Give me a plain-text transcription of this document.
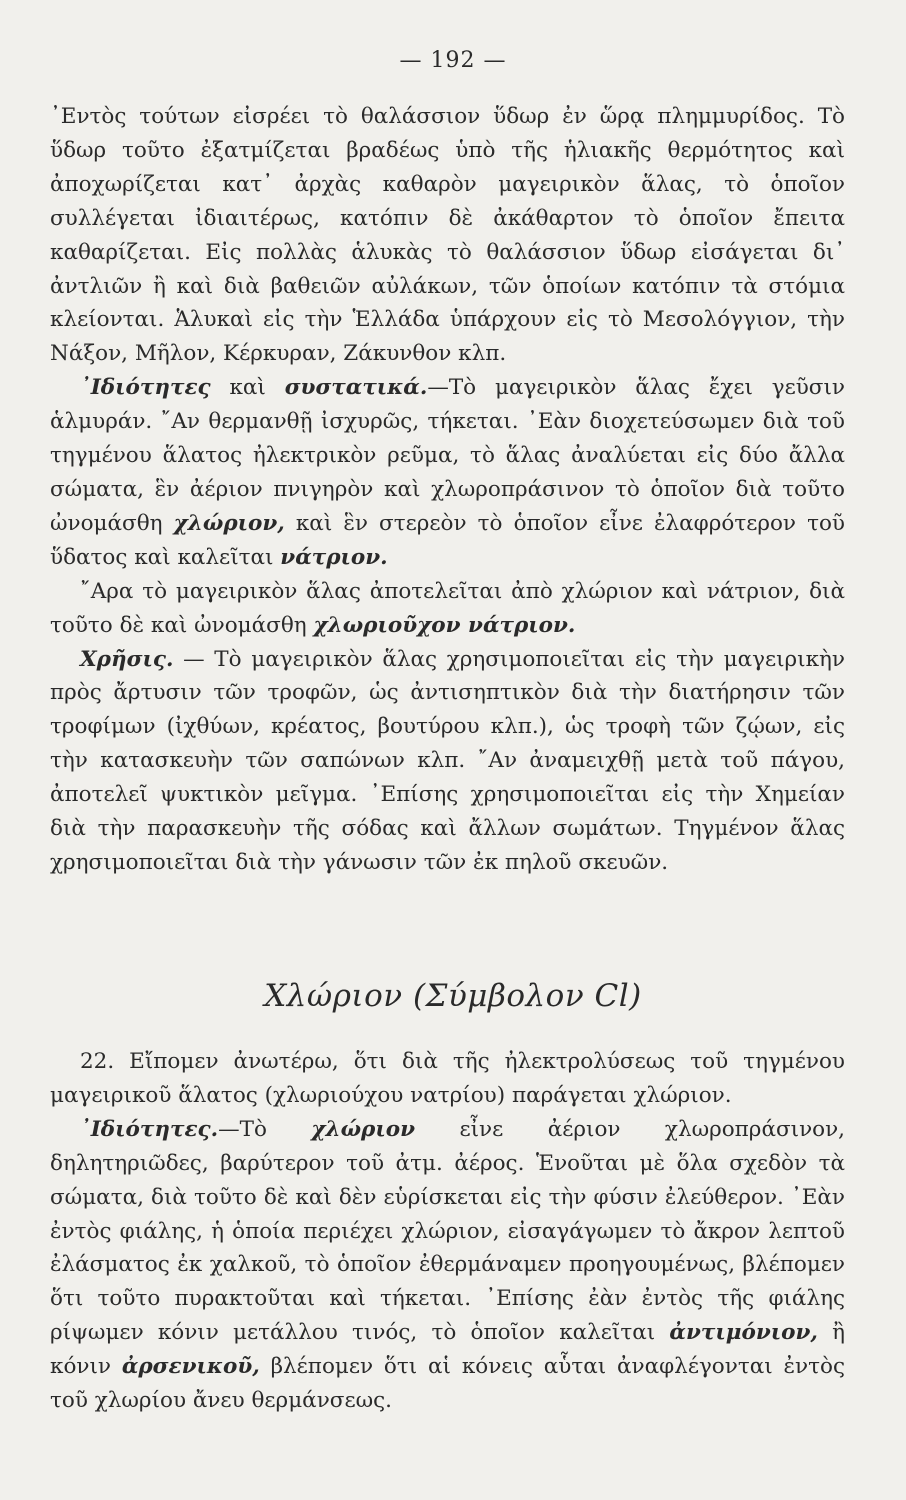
— 192 —

᾿Εντὸς τούτων εἰσρέει τὸ θαλάσσιον ὕδωρ ἐν ὥρᾳ πλημμυρίδος. Τὸ ὕδωρ τοῦτο ἐξατμίζεται βραδέως ὑπὸ τῆς ἡλιακῆς θερμότητος καὶ ἀποχωρίζεται κατ᾿ ἀρχὰς καθαρὸν μαγειρικὸν ἅλας, τὸ ὁποῖον συλλέγεται ἰδιαιτέρως, κατόπιν δὲ ἀκάθαρτον τὸ ὁποῖον ἔπειτα καθαρίζεται. Εἰς πολλὰς ἁλυκὰς τὸ θαλάσσιον ὕδωρ εἰσάγεται δι᾿ ἀντλιῶν ἢ καὶ διὰ βαθειῶν αὐλάκων, τῶν ὁποίων κατόπιν τὰ στόμια κλείονται. Ἁλυκαὶ εἰς τὴν Ἑλλάδα ὑπάρχουν εἰς τὸ Μεσολόγγιον, τὴν Νάξον, Μῆλον, Κέρκυραν, Ζάκυνθον κλπ.

᾿Ιδιότητες καὶ συστατικά.—Τὸ μαγειρικὸν ἅλας ἔχει γεῦσιν ἁλμυράν. ῎Αν θερμανθῇ ἰσχυρῶς, τήκεται. ᾿Εὰν διοχετεύσωμεν διὰ τοῦ τηγμένου ἅλατος ἠλεκτρικὸν ρεῦμα, τὸ ἅλας ἀναλύεται εἰς δύο ἄλλα σώματα, ἓν ἀέριον πνιγηρὸν καὶ χλωροπράσινον τὸ ὁποῖον διὰ τοῦτο ὠνομάσθη χλώριον, καὶ ἓν στερεὸν τὸ ὁποῖον εἶνε ἐλαφρότερον τοῦ ὕδατος καὶ καλεῖται νάτριον.

῎Αρα τὸ μαγειρικὸν ἅλας ἀποτελεῖται ἀπὸ χλώριον καὶ νάτριον, διὰ τοῦτο δὲ καὶ ὠνομάσθη χλωριοῦχον νάτριον.

Χρῆσις. — Τὸ μαγειρικὸν ἅλας χρησιμοποιεῖται εἰς τὴν μαγειρικὴν πρὸς ἄρτυσιν τῶν τροφῶν, ὡς ἀντισηπτικὸν διὰ τὴν διατήρησιν τῶν τροφίμων (ἰχθύων, κρέατος, βουτύρου κλπ.), ὡς τροφὴ τῶν ζῴων, εἰς τὴν κατασκευὴν τῶν σαπώνων κλπ. ῎Αν ἀναμειχθῇ μετὰ τοῦ πάγου, ἀποτελεῖ ψυκτικὸν μεῖγμα. ᾿Επίσης χρησιμοποιεῖται εἰς τὴν Χημείαν διὰ τὴν παρασκευὴν τῆς σόδας καὶ ἄλλων σωμάτων. Τηγμένον ἅλας χρησιμοποιεῖται διὰ τὴν γάνωσιν τῶν ἐκ πηλοῦ σκευῶν.

Χλώριον (Σύμβολον Cl)

22. Εἴπομεν ἀνωτέρω, ὅτι διὰ τῆς ἠλεκτρολύσεως τοῦ τηγμένου μαγειρικοῦ ἅλατος (χλωριούχου νατρίου) παράγεται χλώριον.

᾿Ιδιότητες.—Τὸ χλώριον εἶνε ἀέριον χλωροπράσινον, δηλητηριῶδες, βαρύτερον τοῦ ἀτμ. ἀέρος. Ἑνοῦται μὲ ὅλα σχεδὸν τὰ σώματα, διὰ τοῦτο δὲ καὶ δὲν εὑρίσκεται εἰς τὴν φύσιν ἐλεύθερον. ᾿Εὰν ἐντὸς φιάλης, ἡ ὁποία περιέχει χλώριον, εἰσαγάγωμεν τὸ ἄκρον λεπτοῦ ἐλάσματος ἐκ χαλκοῦ, τὸ ὁποῖον ἐθερμάναμεν προηγουμένως, βλέπομεν ὅτι τοῦτο πυρακτοῦται καὶ τήκεται. ᾿Επίσης ἐὰν ἐντὸς τῆς φιάλης ρίψωμεν κόνιν μετάλλου τινός, τὸ ὁποῖον καλεῖται ἀντιμόνιον, ἢ κόνιν ἀρσενικοῦ, βλέπομεν ὅτι αἱ κόνεις αὗται ἀναφλέγονται ἐντὸς τοῦ χλωρίου ἄνευ θερμάνσεως.
